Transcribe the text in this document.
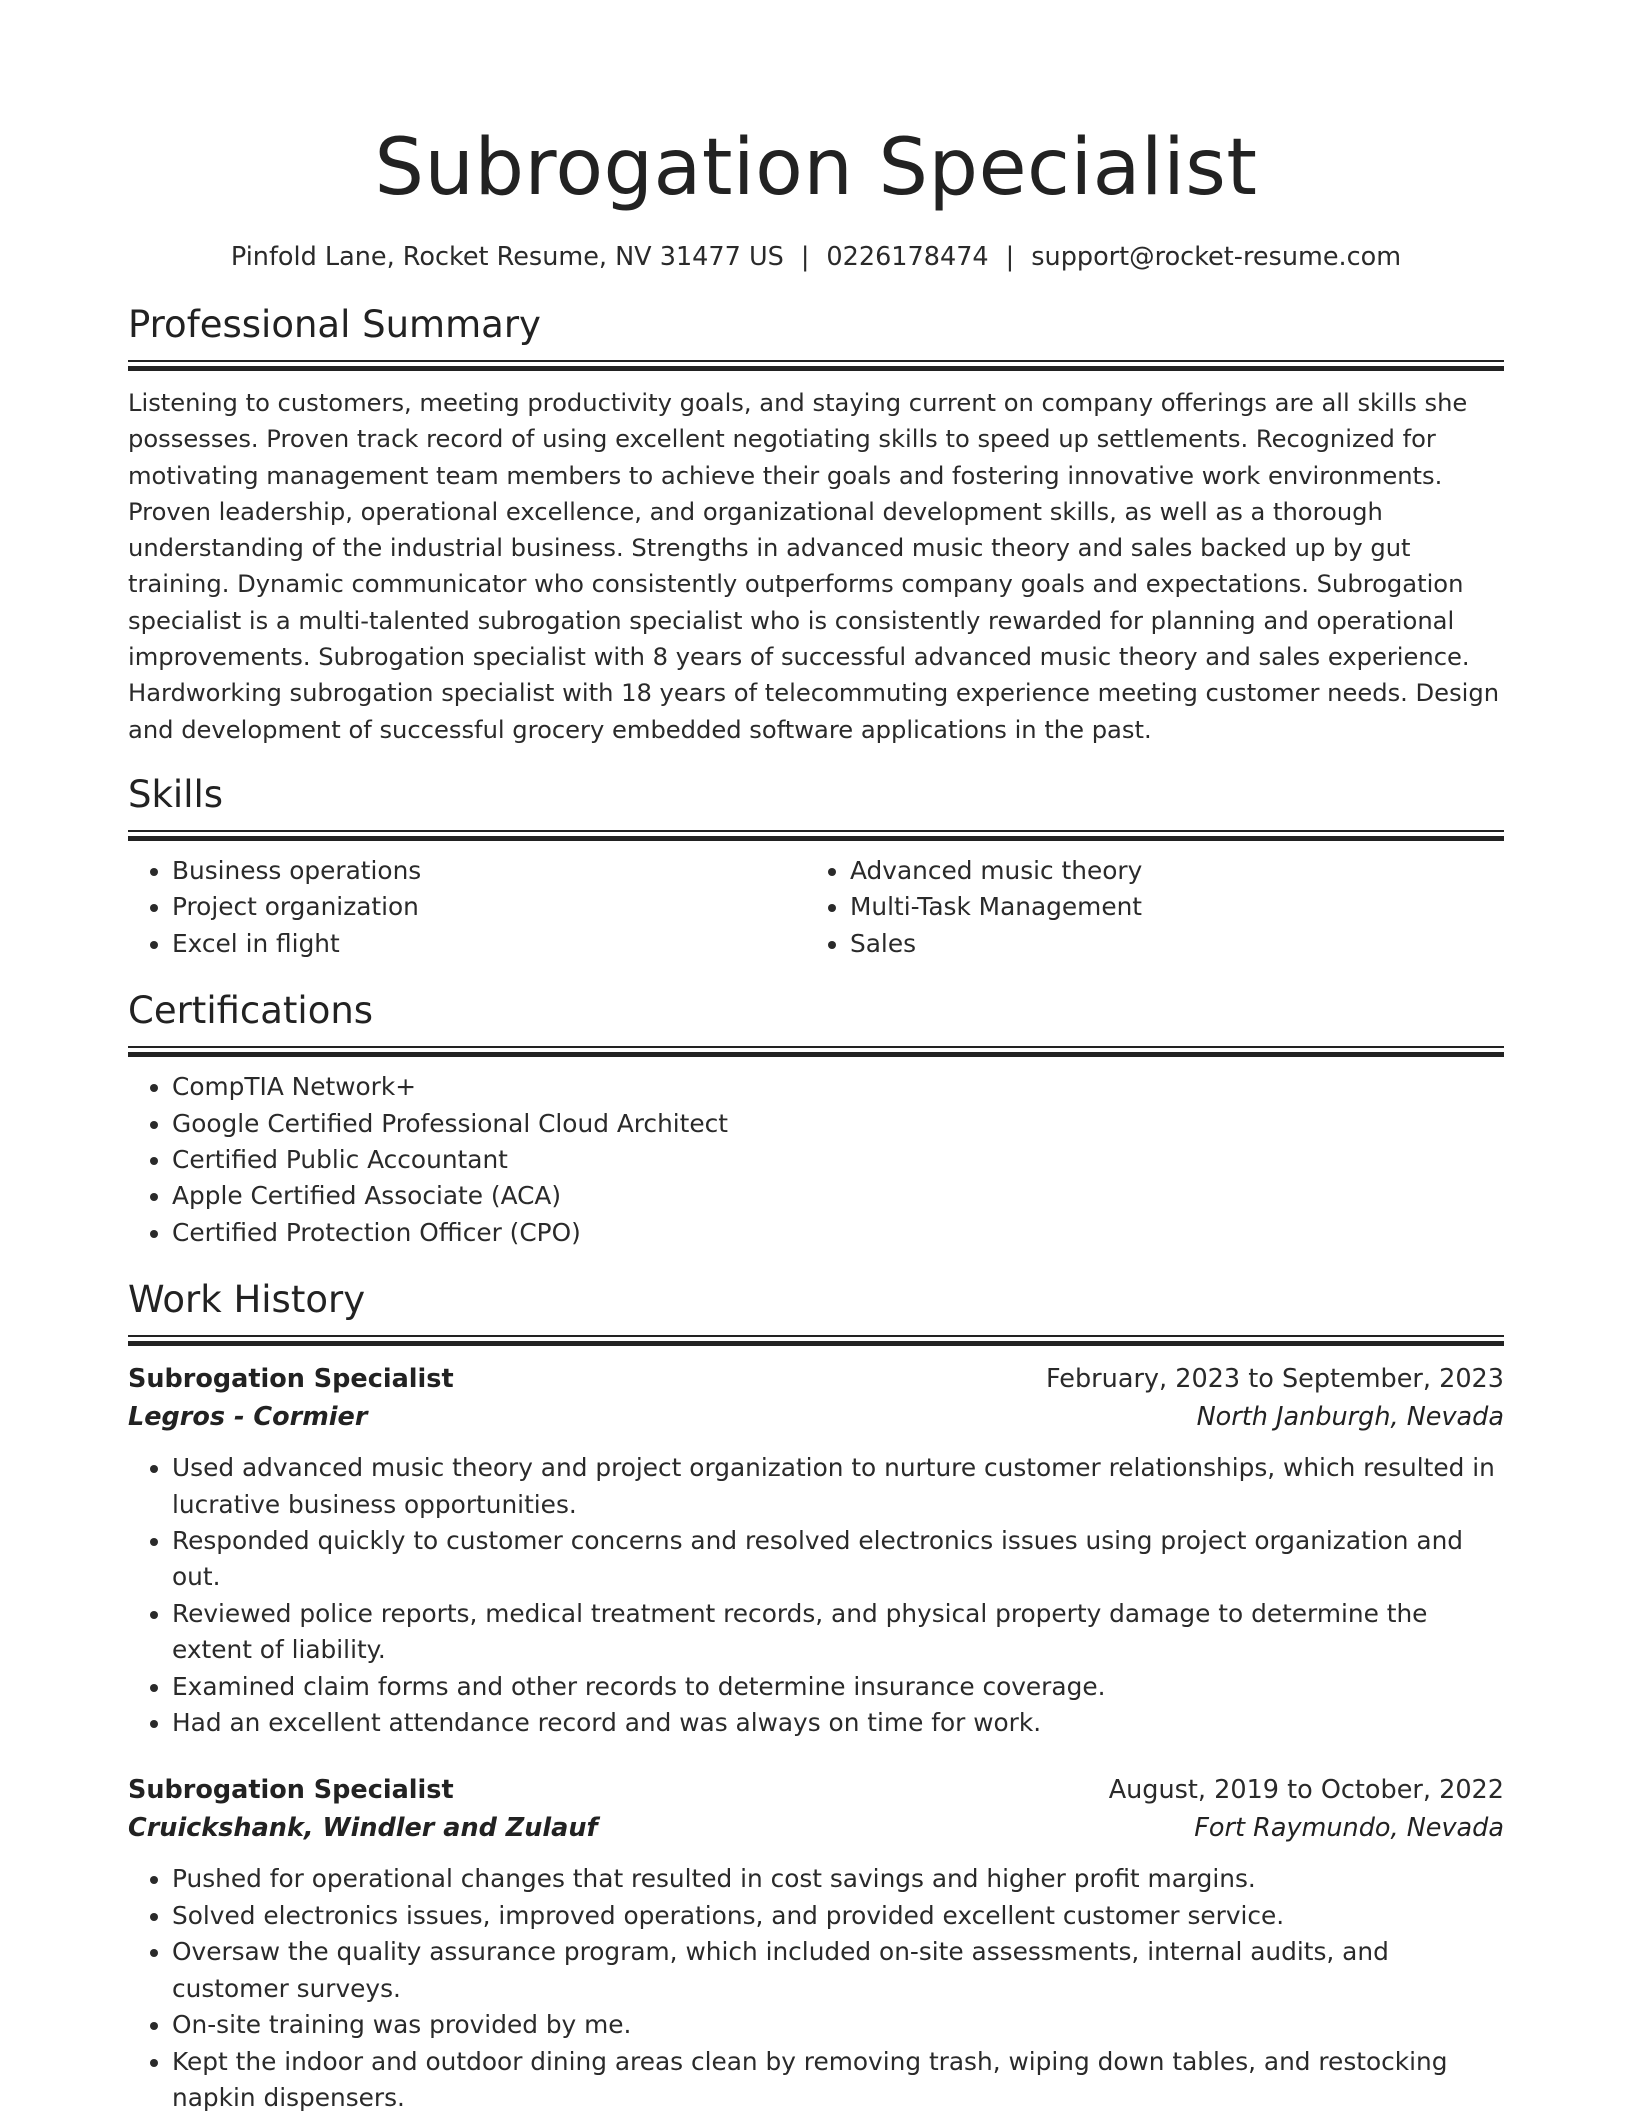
Subrogation Specialist
Pinfold Lane, Rocket Resume, NV 31477 US | 0226178474 | support@rocket-resume.com
Professional Summary

Listening to customers, meeting productivity goals, and staying current on company offerings are all skills she possesses. Proven track record of using excellent negotiating skills to speed up settlements. Recognized for motivating management team members to achieve their goals and fostering innovative work environments. Proven leadership, operational excellence, and organizational development skills, as well as a thorough understanding of the industrial business. Strengths in advanced music theory and sales backed up by gut training. Dynamic communicator who consistently outperforms company goals and expectations. Subrogation specialist is a multi-talented subrogation specialist who is consistently rewarded for planning and operational improvements. Subrogation specialist with 8 years of successful advanced music theory and sales experience. Hardworking subrogation specialist with 18 years of telecommuting experience meeting customer needs. Design and development of successful grocery embedded software applications in the past.

Skills
• Business operations
• Project organization
• Excel in flight
• Advanced music theory
• Multi-Task Management
• Sales
Certifications
• CompTIA Network+
• Google Certified Professional Cloud Architect
• Certified Public Accountant
• Apple Certified Associate (ACA)
• Certified Protection Officer (CPO)
Work History
Subrogation Specialist	February, 2023 to September, 2023
Legros - Cormier	North Janburgh, Nevada
• Used advanced music theory and project organization to nurture customer relationships, which resulted in lucrative business opportunities.
• Responded quickly to customer concerns and resolved electronics issues using project organization and out.
• Reviewed police reports, medical treatment records, and physical property damage to determine the extent of liability.
• Examined claim forms and other records to determine insurance coverage.
• Had an excellent attendance record and was always on time for work.
Subrogation Specialist	August, 2019 to October, 2022
Cruickshank, Windler and Zulauf	Fort Raymundo, Nevada
• Pushed for operational changes that resulted in cost savings and higher profit margins.
• Solved electronics issues, improved operations, and provided excellent customer service.
• Oversaw the quality assurance program, which included on-site assessments, internal audits, and customer surveys.
• On-site training was provided by me.
• Kept the indoor and outdoor dining areas clean by removing trash, wiping down tables, and restocking napkin dispensers.
